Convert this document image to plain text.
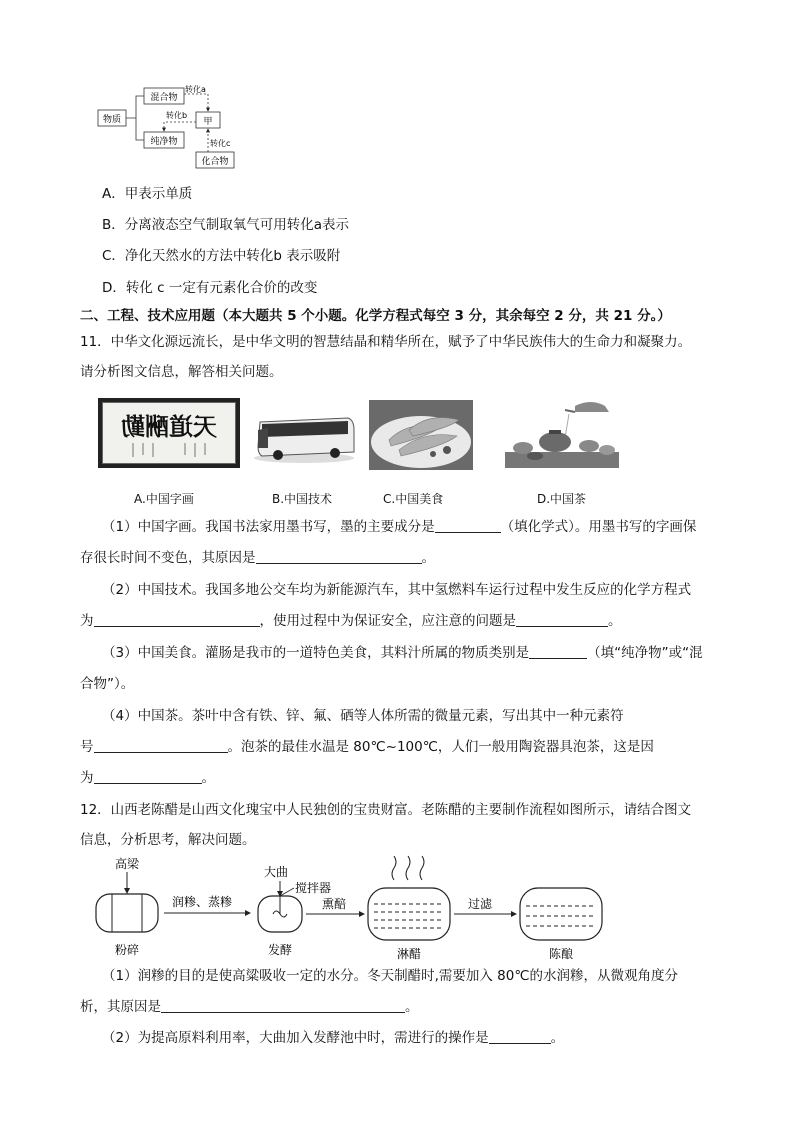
物质
混合物
纯净物
甲
化合物
转化a
转化b
转化c
A．甲表示单质
B．分离液态空气制取氧气可用转化a表示
C．净化天然水的方法中转化b 表示吸附
D．转化 c 一定有元素化合价的改变
二、工程、技术应用题（本大题共 5 个小题。化学方程式每空 3 分，其余每空 2 分，共 21 分。）
11．中华文化源远流长，是中华文明的智慧结晶和精华所在，赋予了中华民族伟大的生命力和凝聚力。
请分析图文信息，解答相关问题。
天道酬勤
A.中国字画	B.中国技术	C.中国美食	D.中国茶
（1）中国字画。我国书法家用墨书写，墨的主要成分是	（填化学式）。用墨书写的字画保
存很长时间不变色，其原因是	。
（2）中国技术。我国多地公交车均为新能源汽车，其中氢燃料车运行过程中发生反应的化学方程式
为	，使用过程中为保证安全，应注意的问题是	。
（3）中国美食。灌肠是我市的一道特色美食，其料汁所属的物质类别是	（填“纯净物”或“混
合物”）。
（4）中国茶。茶叶中含有铁、锌、氟、硒等人体所需的微量元素，写出其中一种元素符
号	。泡茶的最佳水温是 80℃~100℃，人们一般用陶瓷器具泡茶，这是因
为	。
12．山西老陈醋是山西文化瑰宝中人民独创的宝贵财富。老陈醋的主要制作流程如图所示，请结合图文
信息，分析思考，解决问题。
高梁
粉碎
润糁、蒸糁
大曲
搅拌器
发酵
熏醅
淋醋
过滤
陈酿
（1）润糁的目的是使高粱吸收一定的水分。冬天制醋时,需要加入 80℃的水润糁，从微观角度分
析，其原因是	。
（2）为提高原料利用率，大曲加入发酵池中时，需进行的操作是	。
